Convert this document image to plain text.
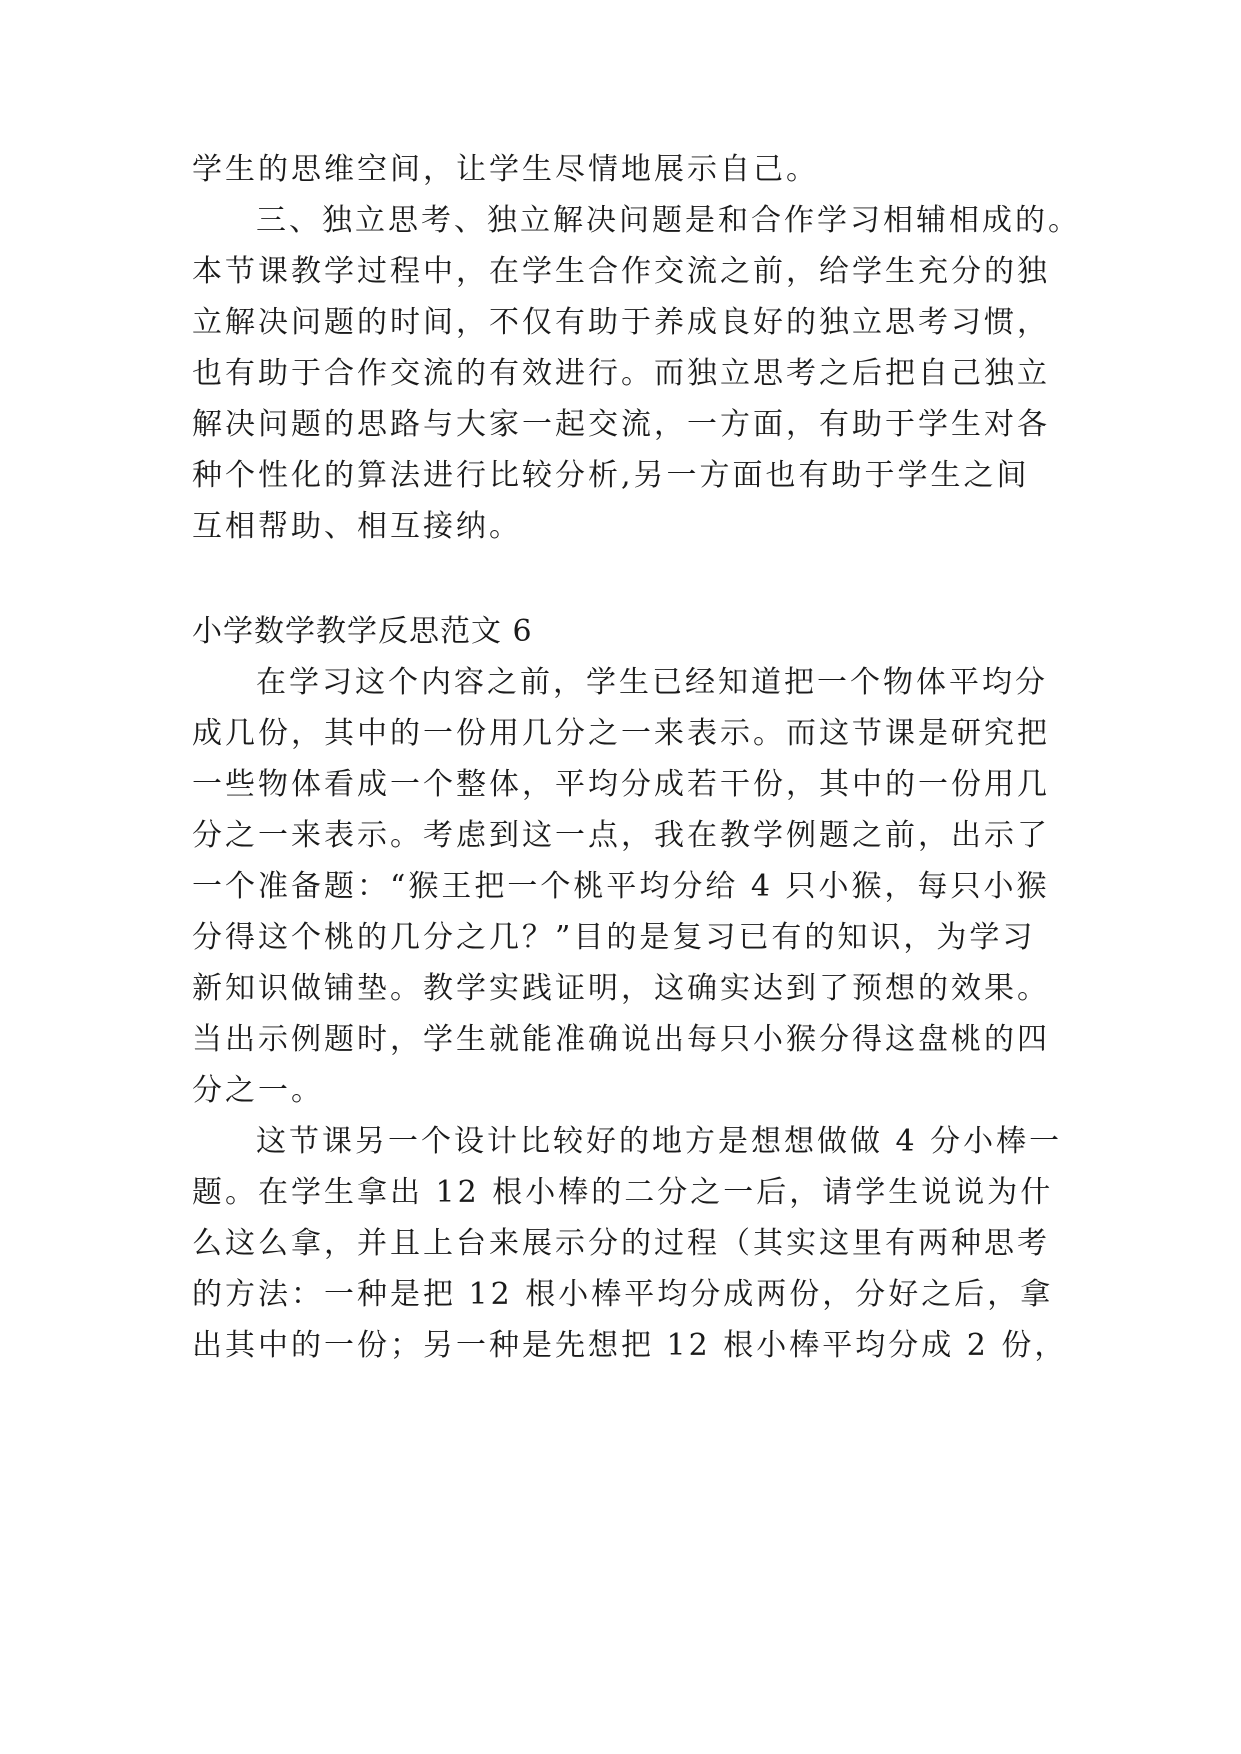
学生的思维空间，让学生尽情地展示自己。
三、独立思考、独立解决问题是和合作学习相辅相成的。
本节课教学过程中，在学生合作交流之前，给学生充分的独
立解决问题的时间，不仅有助于养成良好的独立思考习惯，
也有助于合作交流的有效进行。而独立思考之后把自己独立
解决问题的思路与大家一起交流，一方面，有助于学生对各
种个性化的算法进行比较分析,另一方面也有助于学生之间
互相帮助、相互接纳。
小学数学教学反思范文 6
在学习这个内容之前，学生已经知道把一个物体平均分
成几份，其中的一份用几分之一来表示。而这节课是研究把
一些物体看成一个整体，平均分成若干份，其中的一份用几
分之一来表示。考虑到这一点，我在教学例题之前，出示了
一个准备题：“猴王把一个桃平均分给 4 只小猴，每只小猴
分得这个桃的几分之几？”目的是复习已有的知识，为学习
新知识做铺垫。教学实践证明，这确实达到了预想的效果。
当出示例题时，学生就能准确说出每只小猴分得这盘桃的四
分之一。
这节课另一个设计比较好的地方是想想做做 4 分小棒一
题。在学生拿出 12 根小棒的二分之一后，请学生说说为什
么这么拿，并且上台来展示分的过程（其实这里有两种思考
的方法：一种是把 12 根小棒平均分成两份，分好之后，拿
出其中的一份；另一种是先想把 12 根小棒平均分成 2 份，
